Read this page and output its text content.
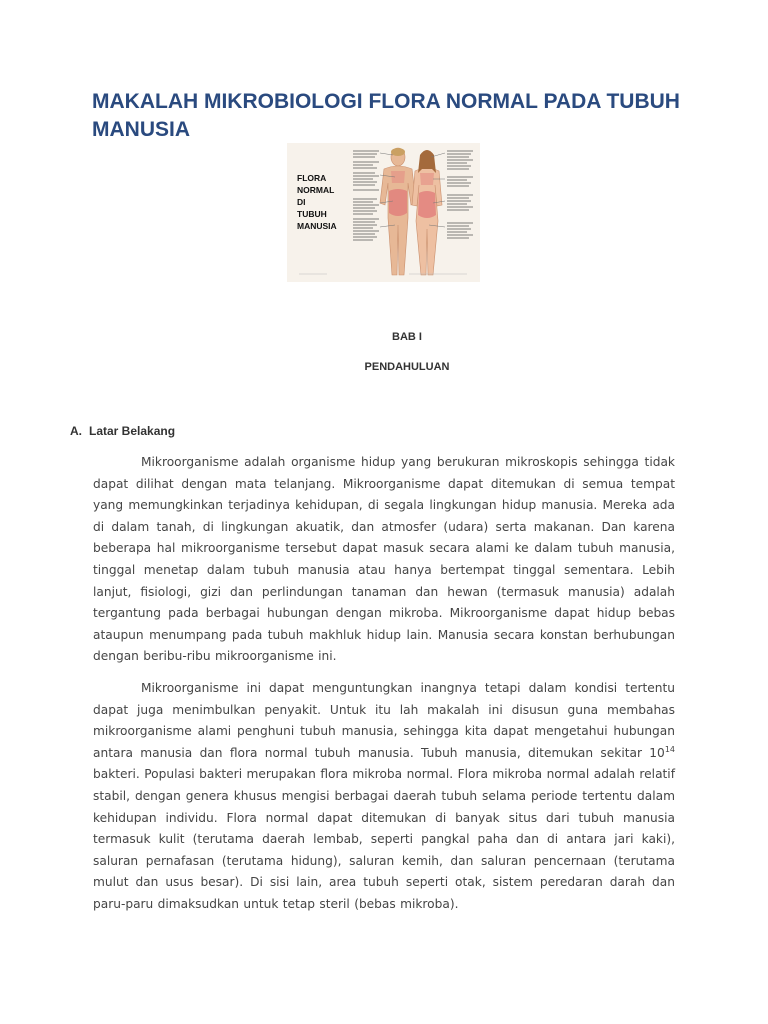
MAKALAH MIKROBIOLOGI FLORA NORMAL PADA TUBUH MANUSIA
FLORA
NORMAL
DI
TUBUH
MANUSIA
BAB I
PENDAHULUAN
A. Latar Belakang

Mikroorganisme adalah organisme hidup yang berukuran mikroskopis sehingga tidak dapat dilihat dengan mata telanjang. Mikroorganisme dapat ditemukan di semua tempat yang memungkinkan terjadinya kehidupan, di segala lingkungan hidup manusia. Mereka ada di dalam tanah, di lingkungan akuatik, dan atmosfer (udara) serta makanan. Dan karena beberapa hal mikroorganisme tersebut dapat masuk secara alami ke dalam tubuh manusia, tinggal menetap dalam tubuh manusia atau hanya bertempat tinggal sementara. Lebih lanjut, fisiologi, gizi dan perlindungan tanaman dan hewan (termasuk manusia) adalah tergantung pada berbagai hubungan dengan mikroba. Mikroorganisme dapat hidup bebas ataupun menumpang pada tubuh makhluk hidup lain. Manusia secara konstan berhubungan dengan beribu-ribu mikroorganisme ini.

Mikroorganisme ini dapat menguntungkan inangnya tetapi dalam kondisi tertentu dapat juga menimbulkan penyakit. Untuk itu lah makalah ini disusun guna membahas mikroorganisme alami penghuni tubuh manusia, sehingga kita dapat mengetahui hubungan antara manusia dan flora normal tubuh manusia. Tubuh manusia, ditemukan sekitar $10^{14}$ bakteri. Populasi bakteri merupakan flora mikroba normal. Flora mikroba normal adalah relatif stabil, dengan genera khusus mengisi berbagai daerah tubuh selama periode tertentu dalam kehidupan individu. Flora normal dapat ditemukan di banyak situs dari tubuh manusia termasuk kulit (terutama daerah lembab, seperti pangkal paha dan di antara jari kaki), saluran pernafasan (terutama hidung), saluran kemih, dan saluran pencernaan (terutama mulut dan usus besar). Di sisi lain, area tubuh seperti otak, sistem peredaran darah dan paru-paru dimaksudkan untuk tetap steril (bebas mikroba).
